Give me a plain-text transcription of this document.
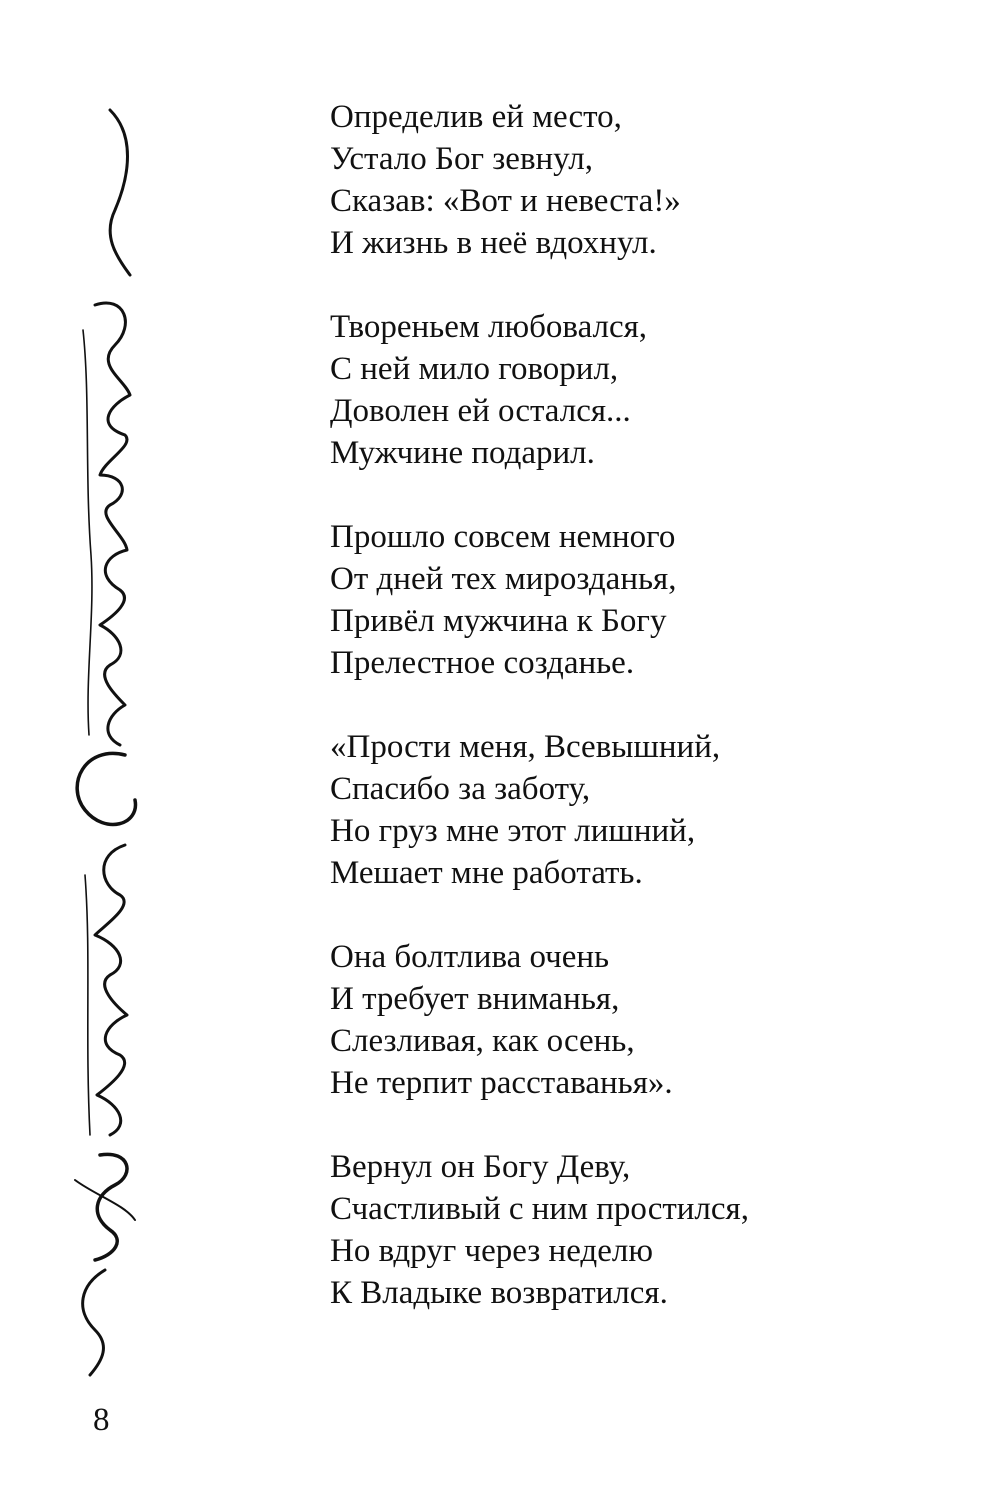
Определив ей место,
Устало Бог зевнул,
Сказав: «Вот и невеста!»
И жизнь в неё вдохнул.
Твореньем любовался,
С ней мило говорил,
Доволен ей остался...
Мужчине подарил.
Прошло совсем немного
От дней тех мирозданья,
Привёл мужчина к Богу
Прелестное созданье.
«Прости меня, Всевышний,
Спасибо за заботу,
Но груз мне этот лишний,
Мешает мне работать.
Она болтлива очень
И требует вниманья,
Слезливая, как осень,
Не терпит расставанья».
Вернул он Богу Деву,
Счастливый с ним простился,
Но вдруг через неделю
К Владыке возвратился.
8
